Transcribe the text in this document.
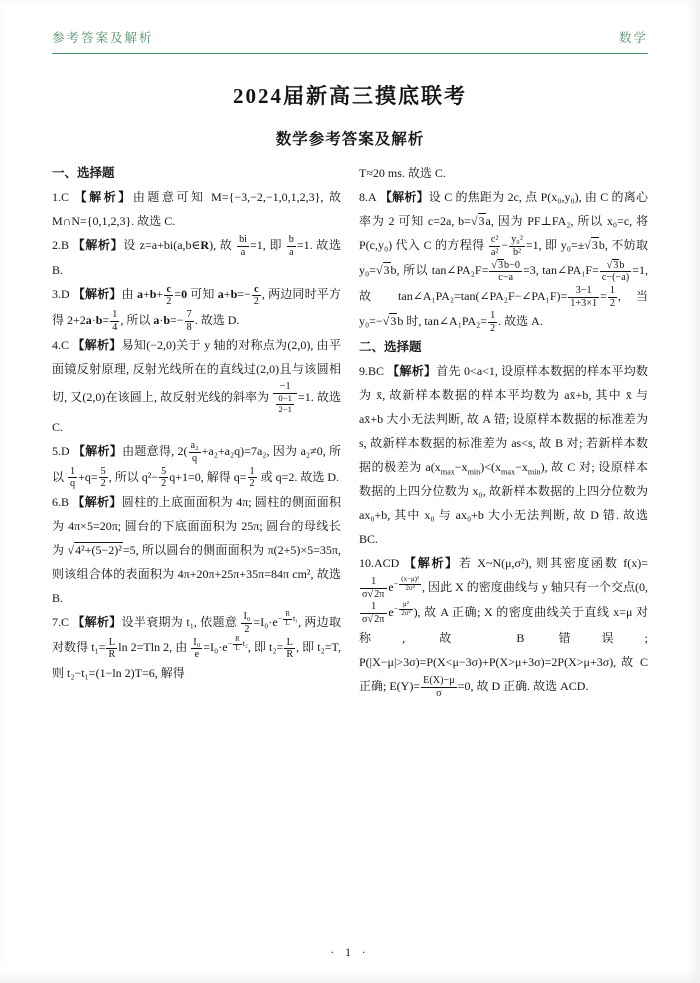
参考答案及解析	数学
2024届新高三摸底联考
数学参考答案及解析
一、选择题

1.C 【解析】由题意可知 M={−3,−2,−1,0,1,2,3}, 故 M∩N={0,1,2,3}. 故选 C.

2.B 【解析】设 z=a+bi(a,b∈R), 故 $\frac{bi}{a} =1$, 即 $\frac{b}{a} =1$. 故选 B.

3.D 【解析】由 $a+b+ \frac{c}{2} =0$ 可知 $a+b=- \frac{c}{2}$ , 两边同时平方得 $2+2a\cdot b= \frac{1}{4}$ , 所以 $a\cdot b=- \frac{7}{8}$ . 故选 D.

4.C 【解析】易知(−2,0)关于 y 轴的对称点为(2,0), 由平面镜反射原理, 反射光线所在的直线过(2,0)且与该圆相切, 又(2,0)在该圆上, 故反射光线的斜率为 $\frac{-1}{\frac{0-1}{2-1}} =1$. 故选 C.

5.D 【解析】由题意得, $2( \frac{\text{a₂}}{q} +a_2+a_2q)=7a_2$, 因为 a₂≠0, 所以 $\frac{1}{q} +q= \frac{5}{2}$ , 所以 $q^2- \frac{5}{2} q+1=0$, 解得 $q= \frac{1}{2}$ 或 q=2. 故选 D.

6.B 【解析】圆柱的上底面面积为 4π; 圆柱的侧面面积为 4π×5=20π; 圆台的下底面面积为 25π; 圆台的母线长为 √4²+(5−2)²=5, 所以圆台的侧面面积为 π(2+5)×5=35π, 则该组合体的表面积为 4π+20π+25π+35π=84π cm², 故选 B.

7.C 【解析】设半衰期为 t₁, 依题意 $\frac{\text{I₀}}{2} =I_0\cdot e^{- \frac{R}{L} t_1}$, 两边取对数得 $t_1= \frac{L}{R}$ ln 2=Tln 2, 由 $\frac{\text{I₀}}{e} =I_0\cdot e^{- \frac{R}{L} t_2}$, 即 $t_2= \frac{L}{R}$ , 即 t₂=T, 则 t₂−t₁=(1−ln 2)T=6, 解得

T≈20 ms. 故选 C.

8.A 【解析】设 C 的焦距为 2c, 点 P(x₀,y₀), 由 C 的离心率为 2 可知 c=2a, b=√3a, 因为 PF⊥FA₂, 所以 x₀=c, 将 P(c,y₀) 代入 C 的方程得 $\frac{\text{c²}}{\text{a²}} - \frac{\text{y₀²}}{\text{b²}} =1$, 即 y₀=±√3b, 不妨取 y₀=√3b, 所以 tan∠PA₂F= $\frac{√3b-0}{c-a} =3$, tan∠PA₁F= $\frac{√3b}{c-(-a)} =1$, 故 tan∠A₁PA₂=tan(∠PA₂F−∠PA₁F)= $\frac{3-1}{1+3\times 1} = \frac{1}{2}$ , 当 y₀=−√3b 时, tan∠A₁PA₂= $\frac{1}{2}$ . 故选 A.

二、选择题

9.BC 【解析】首先 0<a<1, 设原样本数据的样本平均数为 x̄, 故新样本数据的样本平均数为 ax̄+b, 其中 x̄ 与 ax̄+b 大小无法判断, 故 A 错; 设原样本数据的标准差为 s, 故新样本数据的标准差为 as<s, 故 B 对; 若新样本数据的极差为 $a(x_{max}-x_{min})<(x_{max}-x_{min})$, 故 C 对; 设原样本数据的上四分位数为 x₀, 故新样本数据的上四分位数为 ax₀+b, 其中 x₀ 与 ax₀+b 大小无法判断, 故 D 错. 故选 BC.

10.ACD 【解析】若 X~N(μ,σ²), 则其密度函数 f(x)=
$\frac{1}{\sigma√2\pi} e^{- \frac{\text{(x−μ)²}}{\text{2σ²}}}$ , 因此 X 的密度曲线与 y 轴只有一个交点(0,
$\frac{1}{\sigma√2\pi} e^{- \frac{\text{μ²}}{\text{2σ²}}}$ ), 故 A 正确; X 的密度曲线关于直线 x=μ 对称, 故 B 错误; P(|X−μ|>3σ)=P(X<μ−3σ)+P(X>μ+3σ)=2P(X>μ+3σ), 故 C 正确; $E(Y)= \frac{E(X)-\mu}{\sigma} =0$, 故 D 正确. 故选 ACD.

· 1 ·
